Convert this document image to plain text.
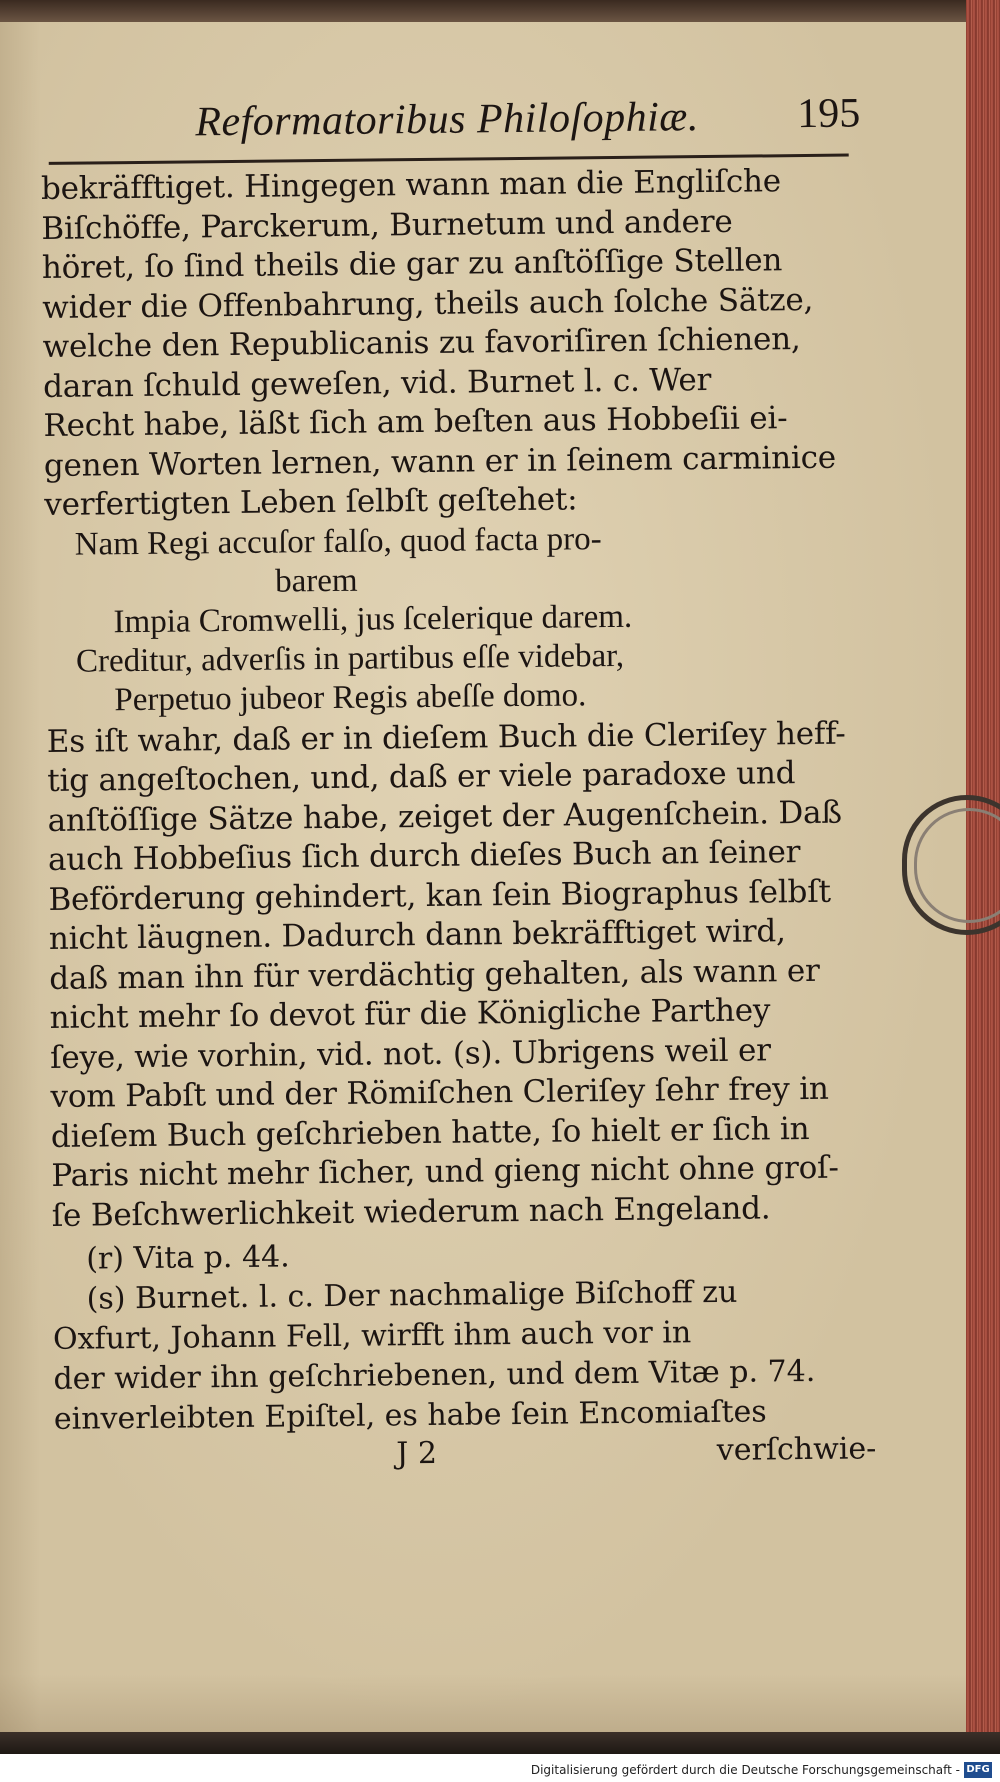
Reformatoribus Philoſophiæ. 195
bekräfftiget. Hingegen wann man die Engliſche
Biſchöffe, Parckerum, Burnetum und andere
höret, ſo ſind theils die gar zu anſtöſſige Stellen
wider die Offenbahrung, theils auch ſolche Sätze,
welche den Republicanis zu favoriſiren ſchienen,
daran ſchuld geweſen, vid. Burnet l. c. Wer
Recht habe, läßt ſich am beſten aus Hobbeſii ei-
genen Worten lernen, wann er in ſeinem carminice
verfertigten Leben ſelbſt geſtehet:
Nam Regi accuſor falſo, quod facta pro-
barem
Impia Cromwelli, jus ſcelerique darem.
Creditur, adverſis in partibus eſſe videbar,
Perpetuo jubeor Regis abeſſe domo.
Es iſt wahr, daß er in dieſem Buch die Cleriſey heff-
tig angeſtochen, und, daß er viele paradoxe und
anſtöſſige Sätze habe, zeiget der Augenſchein. Daß
auch Hobbeſius ſich durch dieſes Buch an ſeiner
Beförderung gehindert, kan ſein Biographus ſelbſt
nicht läugnen. Dadurch dann bekräfftiget wird,
daß man ihn für verdächtig gehalten, als wann er
nicht mehr ſo devot für die Königliche Parthey
ſeye, wie vorhin, vid. not. (s). Ubrigens weil er
vom Pabſt und der Römiſchen Cleriſey ſehr frey in
dieſem Buch geſchrieben hatte, ſo hielt er ſich in
Paris nicht mehr ſicher, und gieng nicht ohne groſ-
ſe Beſchwerlichkeit wiederum nach Engeland.
(r) Vita p. 44.
(s) Burnet. l. c. Der nachmalige Biſchoff zu
Oxfurt, Johann Fell, wirfft ihm auch vor in
der wider ihn geſchriebenen, und dem Vitæ p. 74.
einverleibten Epiſtel, es habe ſein Encomiaſtes
J 2	verſchwie-
Digitalisierung gefördert durch die Deutsche Forschungsgemeinschaft - DFG
